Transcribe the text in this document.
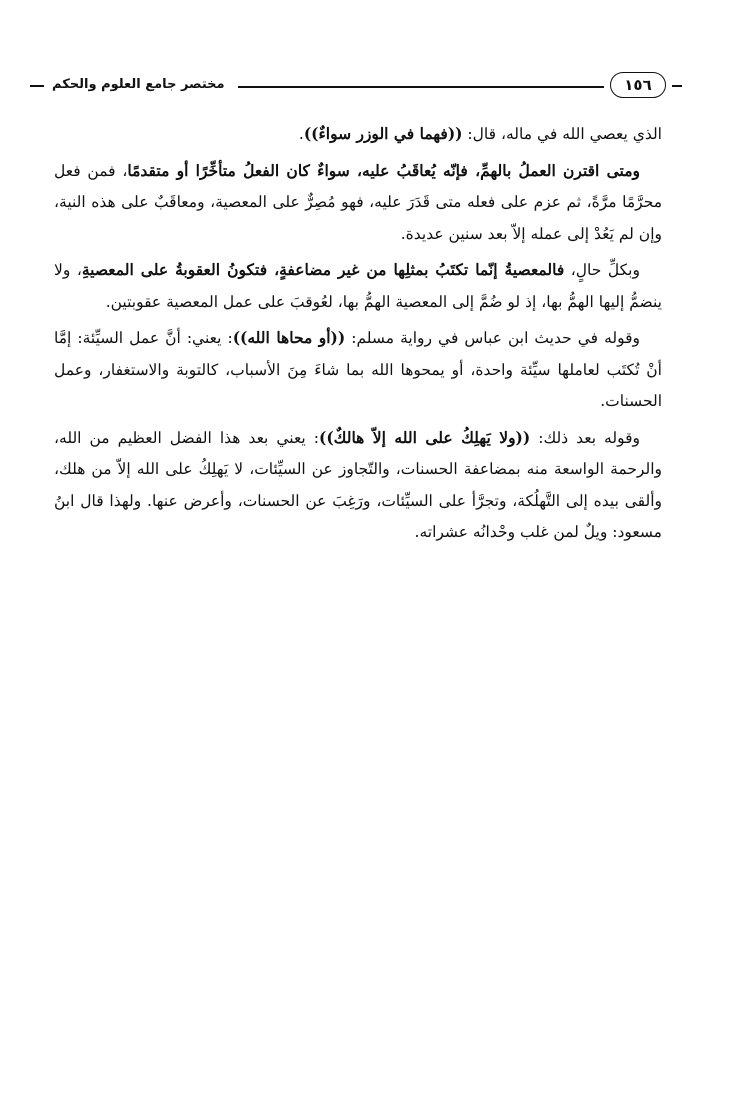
مختصر جامع العلوم والحكم	١٥٦

الذي يعصي الله في ماله، قال: ((فهما في الوزر سواءٌ)).

ومتى اقترن العملُ بالهمِّ، فإنّه يُعاقَبُ عليه، سواءٌ كان الفعلُ متأخِّرًا أو متقدمًا، فمن فعل محرَّمًا مرَّةً، ثم عزم على فعله متى قَدَرَ عليه، فهو مُصِرٌّ على المعصية، ومعاقَبٌ على هذه النية، وإن لم يَعُدْ إلى عمله إلاّ بعد سنين عديدة.

وبكلِّ حالٍ، فالمعصيةُ إنّما تكتَبُ بمثلِها من غير مضاعفةٍ، فتكونُ العقوبةُ على المعصيةِ، ولا ينضمُّ إليها الهمُّ بها، إذ لو ضُمَّ إلى المعصية الهمُّ بها، لعُوقبَ على عمل المعصية عقوبتين.

وقوله في حديث ابن عباس في رواية مسلم: ((أو محاها الله)): يعني: أنَّ عمل السيِّئة: إمَّا أنْ تُكتَب لعاملها سيِّئة واحدة، أو يمحوها الله بما شاءَ مِنَ الأسباب، كالتوبة والاستغفار، وعمل الحسنات.

وقوله بعد ذلك: ((ولا يَهلِكُ على الله إلاّ هالكٌ)): يعني بعد هذا الفضل العظيم من الله، والرحمة الواسعة منه بمضاعفة الحسنات، والتّجاوز عن السيِّئات، لا يَهلِكُ على الله إلاّ من هلك، وألقى بيده إلى التَّهلُكة، وتجرَّأ على السيِّئات، ورَغِبَ عن الحسنات، وأعرض عنها. ولهذا قال ابنُ مسعود: ويلٌ لمن غلب وحْدانُه عشراته.
